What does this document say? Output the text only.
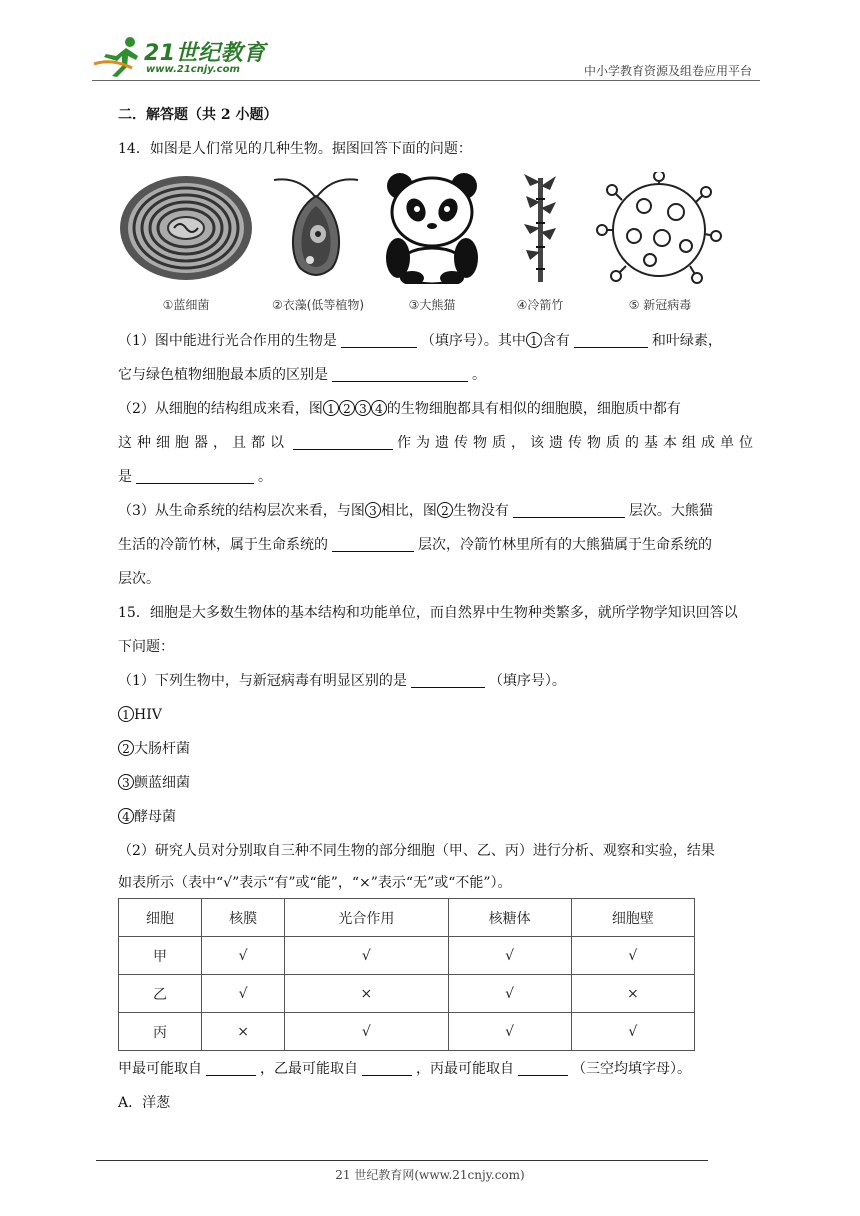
21世纪教育
www.21cnjy.com	中小学教育资源及组卷应用平台
二．解答题（共 2 小题）
14．如图是人们常见的几种生物。据图回答下面的问题：
①蓝细菌	②衣藻(低等植物)	③大熊猫	④冷箭竹	⑤ 新冠病毒
（1）图中能进行光合作用的生物是	（填序号）。其中 1 含有	和叶绿素，
它与绿色植物细胞最本质的区别是	。
（2）从细胞的结构组成来看，图 1 2 3 4 的生物细胞都具有相似的细胞膜，细胞质中都有
这种细胞器，且都以	作为遗传物质，该遗传物质的基本组成单位
是	。
（3）从生命系统的结构层次来看，与图 3 相比，图 2 生物没有	层次。大熊猫
生活的冷箭竹林，属于生命系统的	层次，冷箭竹林里所有的大熊猫属于生命系统的
层次。
15．细胞是大多数生物体的基本结构和功能单位，而自然界中生物种类繁多，就所学物学知识回答以
下问题：
（1）下列生物中，与新冠病毒有明显区别的是	（填序号）。
1 HIV
2 大肠杆菌
3 颤蓝细菌
4 酵母菌
（2）研究人员对分别取自三种不同生物的部分细胞（甲、乙、丙）进行分析、观察和实验，结果
如表所示（表中“√”表示“有”或“能”，“×”表示“无”或“不能”）。
细胞	核膜	光合作用	核糖体	细胞壁
甲	√	√	√	√
乙	√	×	√	×
丙	×	√	√	√
甲最可能取自	，乙最可能取自	，丙最可能取自	（三空均填字母）。
A．洋葱
21 世纪教育网(www.21cnjy.com)
